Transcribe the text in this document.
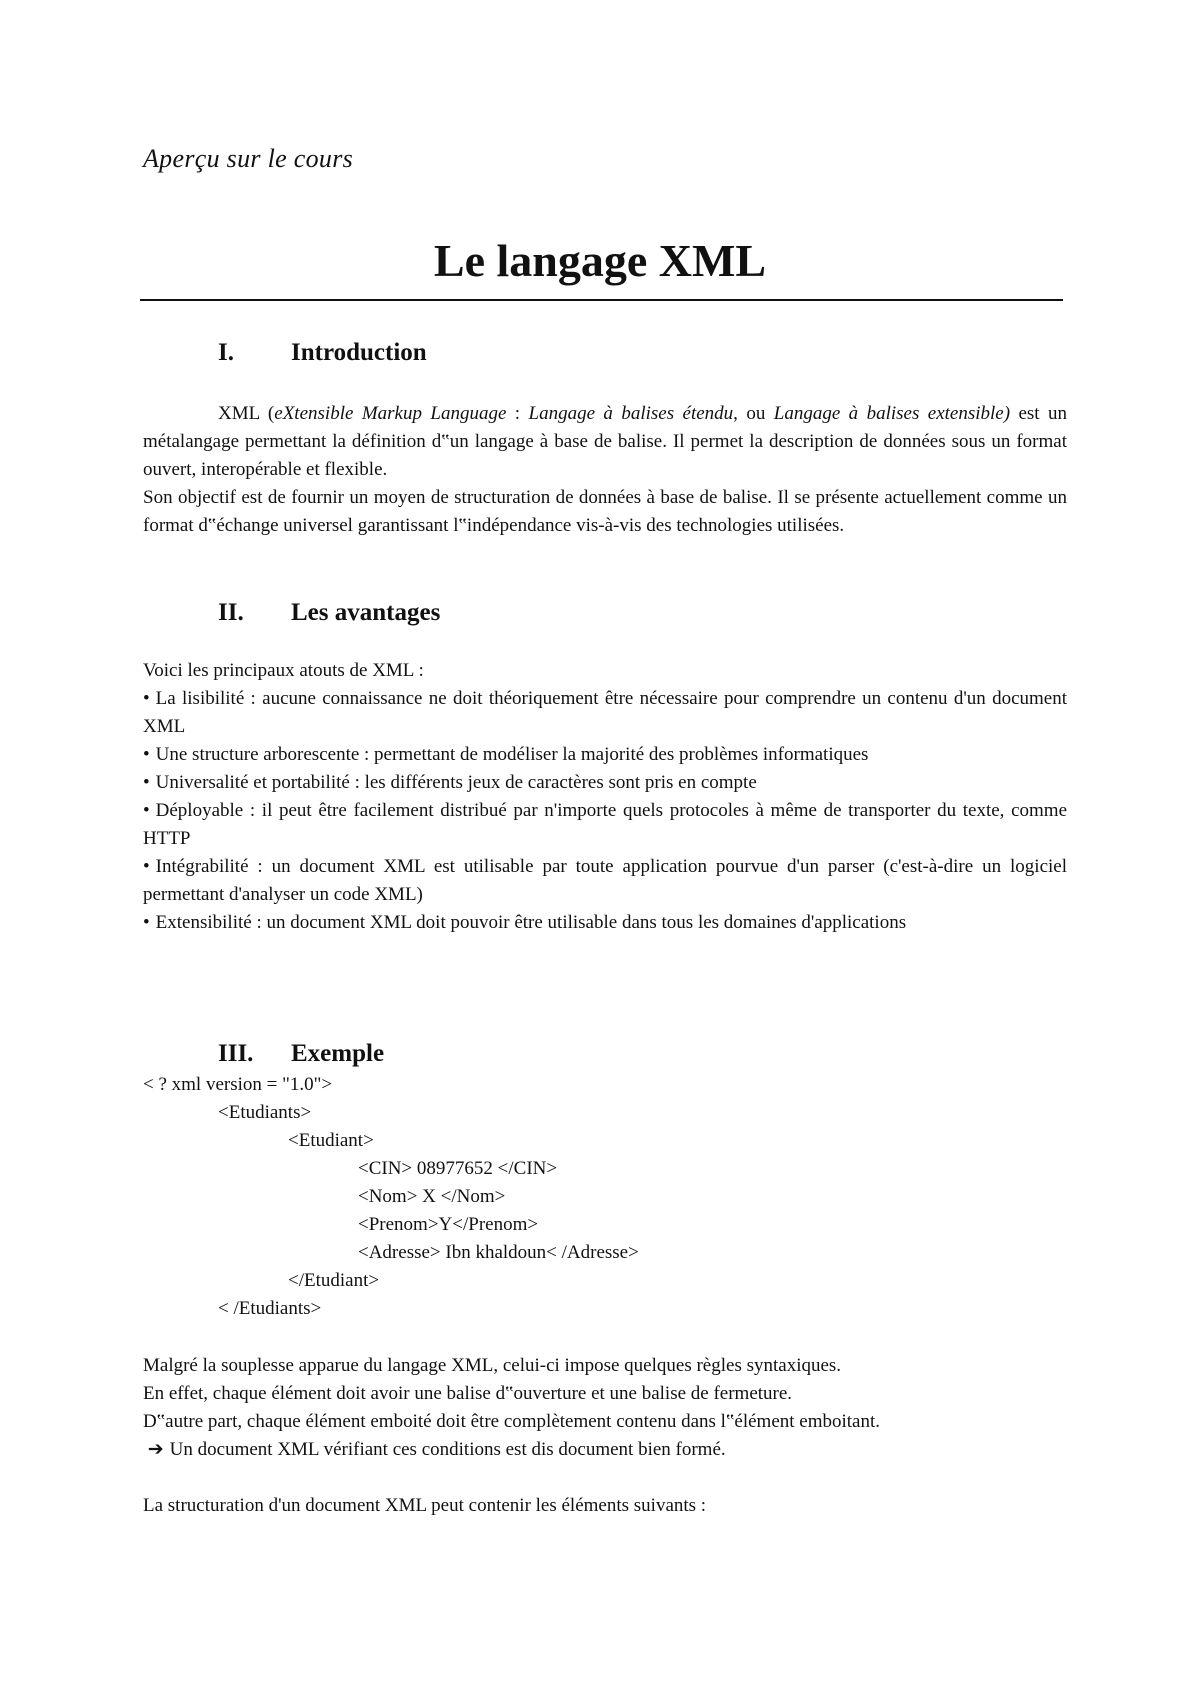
Aperçu sur le cours
Le langage XML
I. Introduction

XML (eXtensible Markup Language : Langage à balises étendu, ou Langage à balises extensible) est un métalangage permettant la définition d‟un langage à base de balise. Il permet la description de données sous un format ouvert, interopérable et flexible.

Son objectif est de fournir un moyen de structuration de données à base de balise. Il se présente actuellement comme un format d‟échange universel garantissant l‟indépendance vis-à-vis des technologies utilisées.

II. Les avantages

Voici les principaux atouts de XML :

• La lisibilité : aucune connaissance ne doit théoriquement être nécessaire pour comprendre un contenu d'un document XML

• Une structure arborescente : permettant de modéliser la majorité des problèmes informatiques

• Universalité et portabilité : les différents jeux de caractères sont pris en compte

• Déployable : il peut être facilement distribué par n'importe quels protocoles à même de transporter du texte, comme HTTP

• Intégrabilité : un document XML est utilisable par toute application pourvue d'un parser (c'est-à-dire un logiciel permettant d'analyser un code XML)

• Extensibilité : un document XML doit pouvoir être utilisable dans tous les domaines d'applications

III. Exemple
< ? xml version = "1.0">
<Etudiants>
<Etudiant>
<CIN> 08977652 </CIN>
<Nom> X </Nom>
<Prenom>Y</Prenom>
<Adresse> Ibn khaldoun< /Adresse>
</Etudiant>
< /Etudiants>

Malgré la souplesse apparue du langage XML, celui-ci impose quelques règles syntaxiques.

En effet, chaque élément doit avoir une balise d‟ouverture et une balise de fermeture.

D‟autre part, chaque élément emboité doit être complètement contenu dans l‟élément emboitant.

➔ Un document XML vérifiant ces conditions est dis document bien formé.

La structuration d'un document XML peut contenir les éléments suivants :
